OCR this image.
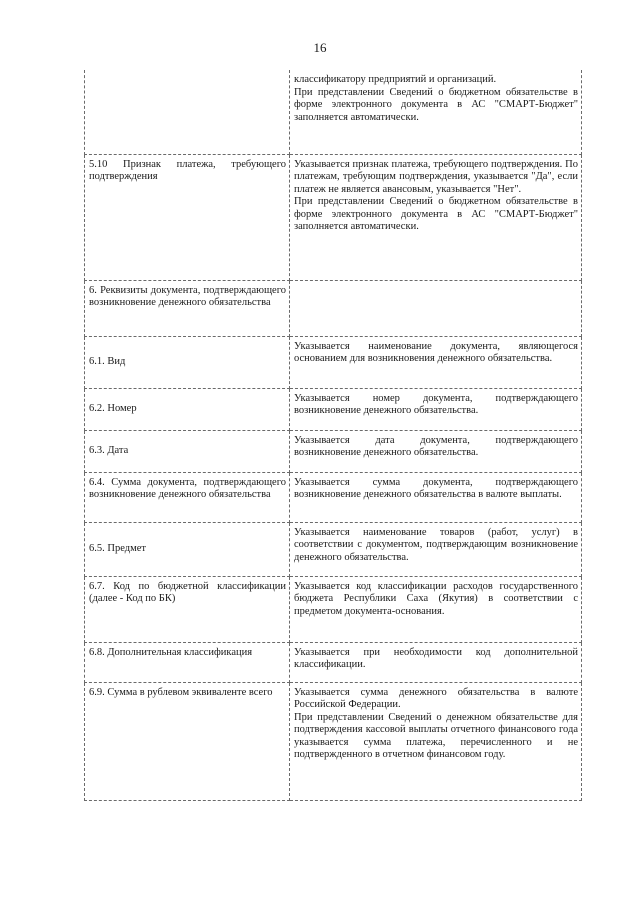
16

	классификатору предприятий и организаций.
При представлении Сведений о бюджетном обязательстве в форме электронного документа в АС "СМАРТ-Бюджет" заполняется автоматически.

5.10 Признак платежа, требующего подтверждения	Указывается признак платежа, требующего подтверждения. По платежам, требующим подтверждения, указывается "Да", если платеж не является авансовым, указывается "Нет".
При представлении Сведений о бюджетном обязательстве в форме электронного документа в АС "СМАРТ-Бюджет" заполняется автоматически.

6. Реквизиты документа, подтверждающего возникновение денежного обязательства	
6.1. Вид	Указывается наименование документа, являющегося основанием для возникновения денежного обязательства.

6.2. Номер	Указывается номер документа, подтверждающего возникновение денежного обязательства.

6.3. Дата	Указывается дата документа, подтверждающего возникновение денежного обязательства.

6.4. Сумма документа, подтверждающего возникновение денежного обязательства	Указывается сумма документа, подтверждающего возникновение денежного обязательства в валюте выплаты.

6.5. Предмет	Указывается наименование товаров (работ, услуг) в соответствии с документом, подтверждающим возникновение денежного обязательства.

6.7. Код по бюджетной классификации (далее - Код по БК)	Указывается код классификации расходов государственного бюджета Республики Саха (Якутия) в соответствии с предметом документа-основания.

6.8. Дополнительная классификация	Указывается при необходимости код дополнительной классификации.

6.9. Сумма в рублевом эквиваленте всего	Указывается сумма денежного обязательства в валюте Российской Федерации.
При представлении Сведений о денежном обязательстве для подтверждения кассовой выплаты отчетного финансового года указывается сумма платежа, перечисленного и не подтвержденного в отчетном финансовом году.
